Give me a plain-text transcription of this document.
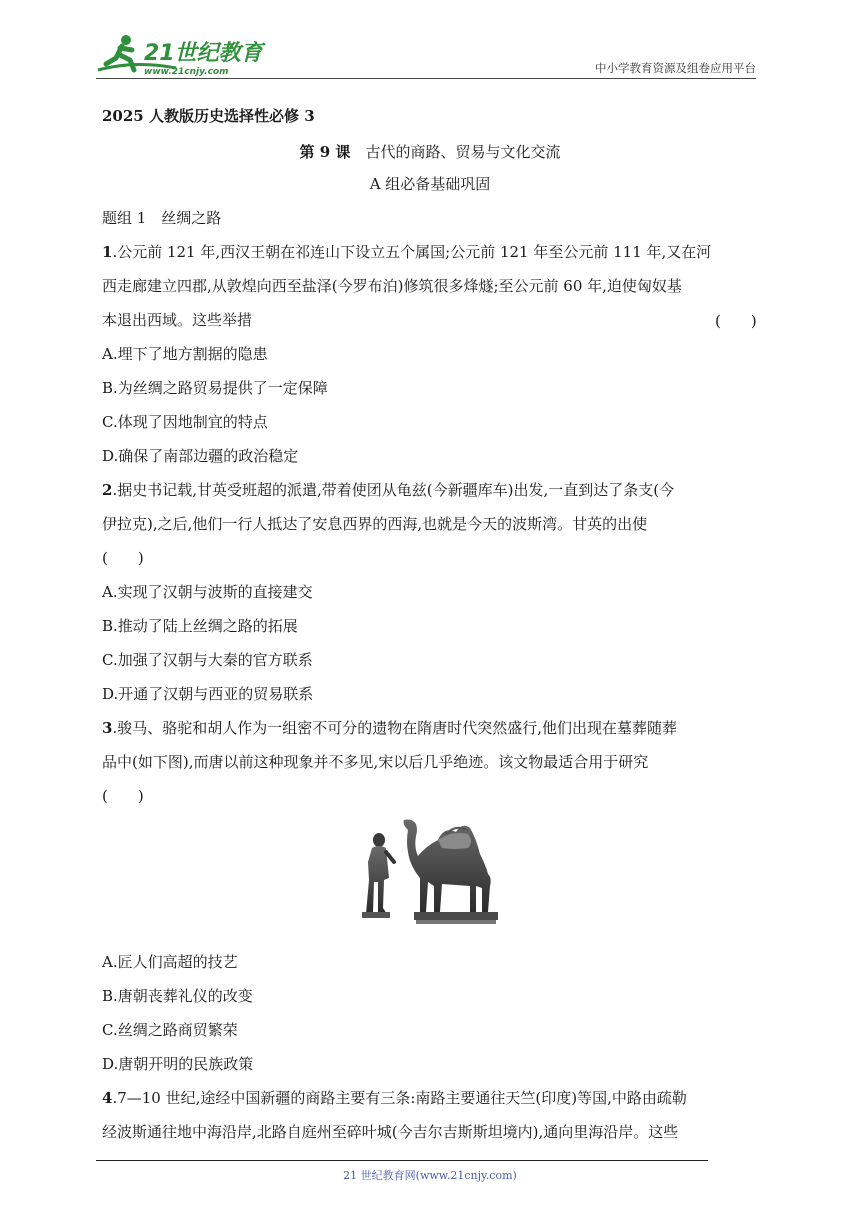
21世纪教育
www.21cnjy.com	中小学教育资源及组卷应用平台
2025 人教版历史选择性必修 3
第 9 课　 古代的商路、贸易与文化交流
A 组必备基础巩固
题组 1　丝绸之路
1.公元前 121 年,西汉王朝在祁连山下设立五个属国;公元前 121 年至公元前 111 年,又在河
西走廊建立四郡,从敦煌向西至盐泽(今罗布泊)修筑很多烽燧;至公元前 60 年,迫使匈奴基
本退出西域。这些举措	(　　)
A.埋下了地方割据的隐患
B.为丝绸之路贸易提供了一定保障
C.体现了因地制宜的特点
D.确保了南部边疆的政治稳定
2.据史书记载,甘英受班超的派遣,带着使团从龟兹(今新疆库车)出发,一直到达了条支(今
伊拉克),之后,他们一行人抵达了安息西界的西海,也就是今天的波斯湾。甘英的出使
(　　)
A.实现了汉朝与波斯的直接建交
B.推动了陆上丝绸之路的拓展
C.加强了汉朝与大秦的官方联系
D.开通了汉朝与西亚的贸易联系
3.骏马、骆驼和胡人作为一组密不可分的遗物在隋唐时代突然盛行,他们出现在墓葬随葬
品中(如下图),而唐以前这种现象并不多见,宋以后几乎绝迹。该文物最适合用于研究
(　　)
A.匠人们高超的技艺
B.唐朝丧葬礼仪的改变
C.丝绸之路商贸繁荣
D.唐朝开明的民族政策
4.7—10 世纪,途经中国新疆的商路主要有三条:南路主要通往天竺(印度)等国,中路由疏勒
经波斯通往地中海沿岸,北路自庭州至碎叶城(今吉尔吉斯斯坦境内),通向里海沿岸。这些
21 世纪教育网(www.21cnjy.com)
